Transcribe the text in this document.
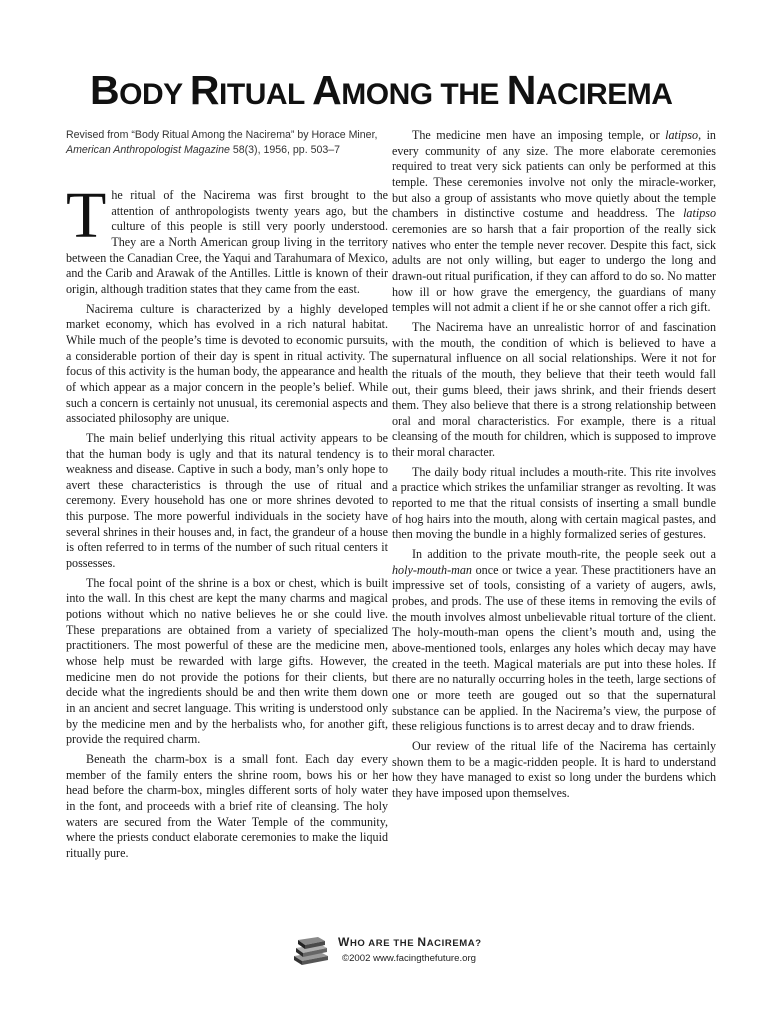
BODY RITUAL AMONG THE NACIREMA
Revised from “Body Ritual Among the Nacirema” by Horace Miner,
American Anthropologist Magazine 58(3), 1956, pp. 503–7

The ritual of the Nacirema was first brought to the attention of anthropologists twenty years ago, but the culture of this people is still very poorly understood. They are a North American group living in the territory between the Canadian Cree, the Yaqui and Tarahumara of Mexico, and the Carib and Arawak of the Antilles. Little is known of their origin, although tradition states that they came from the east.

Nacirema culture is characterized by a highly developed market economy, which has evolved in a rich natural habitat. While much of the people’s time is devoted to economic pursuits, a considerable portion of their day is spent in ritual activity. The focus of this activity is the human body, the appearance and health of which appear as a major concern in the people’s belief. While such a concern is certainly not unusual, its ceremonial aspects and associated philosophy are unique.

The main belief underlying this ritual activity appears to be that the human body is ugly and that its natural tendency is to weakness and disease. Captive in such a body, man’s only hope to avert these characteristics is through the use of ritual and ceremony. Every household has one or more shrines devoted to this purpose. The more powerful individuals in the society have several shrines in their houses and, in fact, the grandeur of a house is often referred to in terms of the number of such ritual centers it possesses.

The focal point of the shrine is a box or chest, which is built into the wall. In this chest are kept the many charms and magical potions without which no native believes he or she could live. These preparations are obtained from a variety of specialized practitioners. The most powerful of these are the medicine men, whose help must be rewarded with large gifts. However, the medicine men do not provide the potions for their clients, but decide what the ingredients should be and then write them down in an ancient and secret language. This writing is understood only by the medicine men and by the herbalists who, for another gift, provide the required charm.

Beneath the charm-box is a small font. Each day every member of the family enters the shrine room, bows his or her head before the charm-box, mingles different sorts of holy water in the font, and proceeds with a brief rite of cleansing. The holy waters are secured from the Water Temple of the community, where the priests conduct elaborate ceremonies to make the liquid ritually pure.

The medicine men have an imposing temple, or latipso, in every community of any size. The more elaborate ceremonies required to treat very sick patients can only be performed at this temple. These ceremonies involve not only the miracle-worker, but also a group of assistants who move quietly about the temple chambers in distinctive costume and headdress. The latipso ceremonies are so harsh that a fair proportion of the really sick natives who enter the temple never recover. Despite this fact, sick adults are not only willing, but eager to undergo the long and drawn-out ritual purification, if they can afford to do so. No matter how ill or how grave the emergency, the guardians of many temples will not admit a client if he or she cannot offer a rich gift.

The Nacirema have an unrealistic horror of and fascination with the mouth, the condition of which is believed to have a supernatural influence on all social relationships. Were it not for the rituals of the mouth, they believe that their teeth would fall out, their gums bleed, their jaws shrink, and their friends desert them. They also believe that there is a strong relationship between oral and moral characteristics. For example, there is a ritual cleansing of the mouth for children, which is supposed to improve their moral character.

The daily body ritual includes a mouth-rite. This rite involves a practice which strikes the unfamiliar stranger as revolting. It was reported to me that the ritual consists of inserting a small bundle of hog hairs into the mouth, along with certain magical pastes, and then moving the bundle in a highly formalized series of gestures.

In addition to the private mouth-rite, the people seek out a holy-mouth-man once or twice a year. These practitioners have an impressive set of tools, consisting of a variety of augers, awls, probes, and prods. The use of these items in removing the evils of the mouth involves almost unbelievable ritual torture of the client. The holy-mouth-man opens the client’s mouth and, using the above-mentioned tools, enlarges any holes which decay may have created in the teeth. Magical materials are put into these holes. If there are no naturally occurring holes in the teeth, large sections of one or more teeth are gouged out so that the supernatural substance can be applied. In the Nacirema’s view, the purpose of these religious functions is to arrest decay and to draw friends.

Our review of the ritual life of the Nacirema has certainly shown them to be a magic-ridden people. It is hard to understand how they have managed to exist so long under the burdens which they have imposed upon themselves.

WHO ARE THE NACIREMA?
©2002 www.facingthefuture.org
